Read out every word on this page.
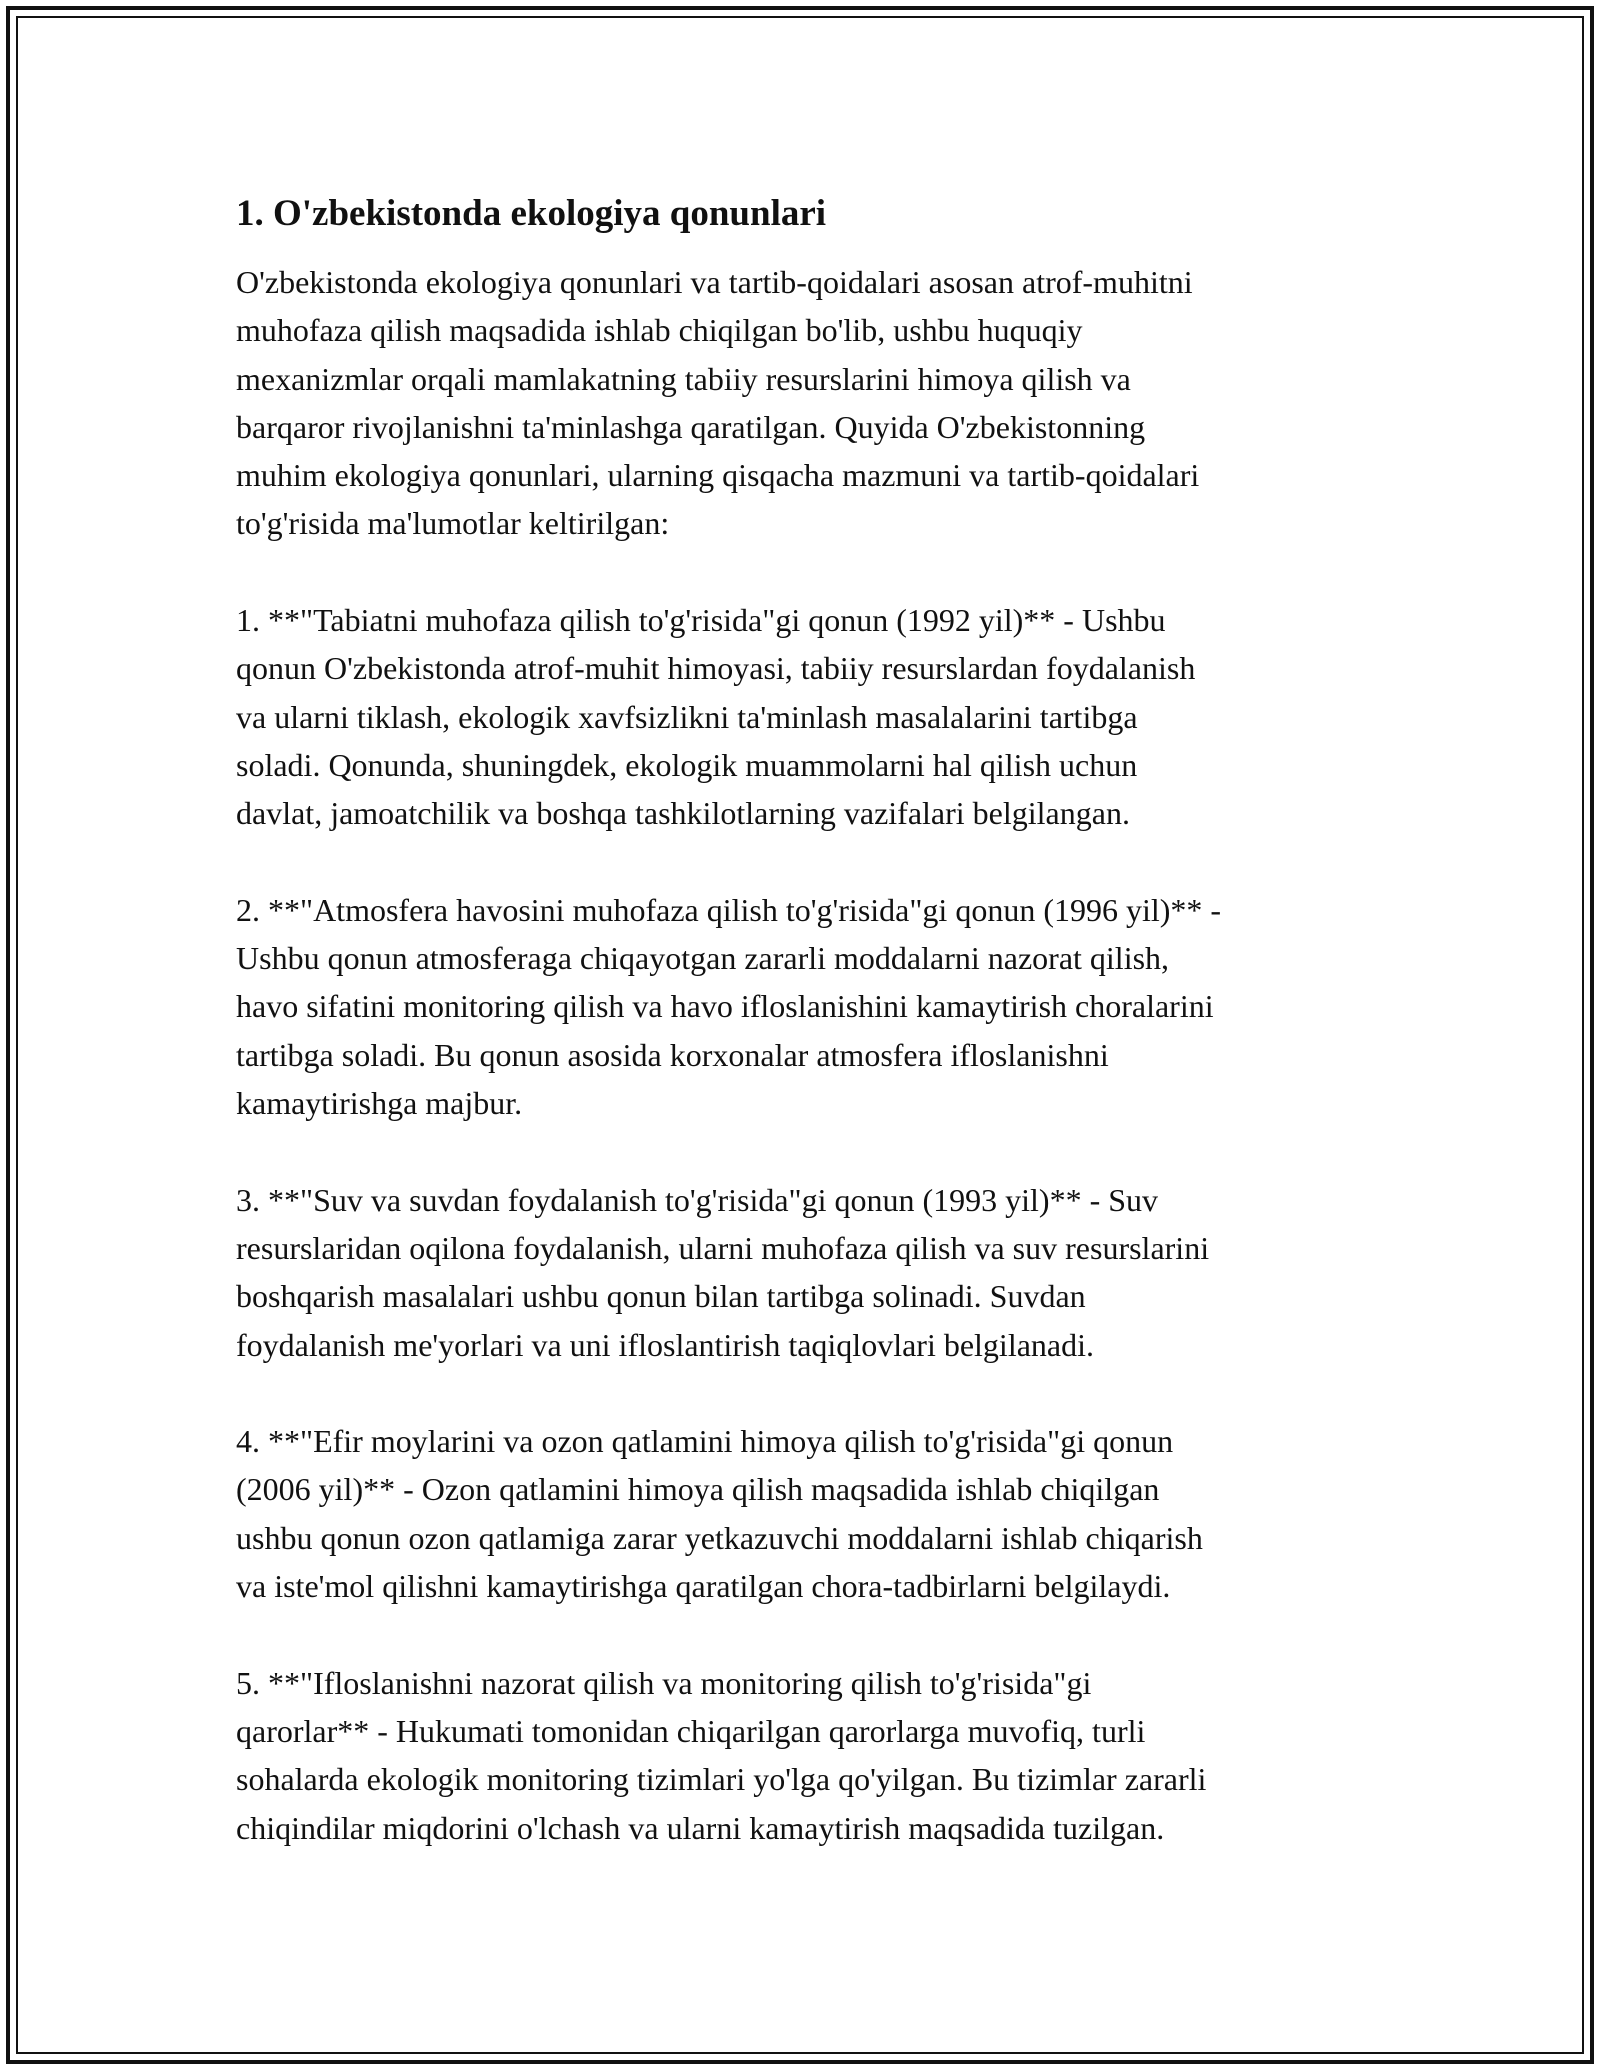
1. O'zbekistonda ekologiya qonunlari

O'zbekistonda ekologiya qonunlari va tartib-qoidalari asosan atrof-muhitni
muhofaza qilish maqsadida ishlab chiqilgan bo'lib, ushbu huquqiy
mexanizmlar orqali mamlakatning tabiiy resurslarini himoya qilish va
barqaror rivojlanishni ta'minlashga qaratilgan. Quyida O'zbekistonning
muhim ekologiya qonunlari, ularning qisqacha mazmuni va tartib-qoidalari
to'g'risida ma'lumotlar keltirilgan:

1. **"Tabiatni muhofaza qilish to'g'risida"gi qonun (1992 yil)** - Ushbu
qonun O'zbekistonda atrof-muhit himoyasi, tabiiy resurslardan foydalanish
va ularni tiklash, ekologik xavfsizlikni ta'minlash masalalarini tartibga
soladi. Qonunda, shuningdek, ekologik muammolarni hal qilish uchun
davlat, jamoatchilik va boshqa tashkilotlarning vazifalari belgilangan.

2. **"Atmosfera havosini muhofaza qilish to'g'risida"gi qonun (1996 yil)** -
Ushbu qonun atmosferaga chiqayotgan zararli moddalarni nazorat qilish,
havo sifatini monitoring qilish va havo ifloslanishini kamaytirish choralarini
tartibga soladi. Bu qonun asosida korxonalar atmosfera ifloslanishni
kamaytirishga majbur.

3. **"Suv va suvdan foydalanish to'g'risida"gi qonun (1993 yil)** - Suv
resurslaridan oqilona foydalanish, ularni muhofaza qilish va suv resurslarini
boshqarish masalalari ushbu qonun bilan tartibga solinadi. Suvdan
foydalanish me'yorlari va uni ifloslantirish taqiqlovlari belgilanadi.

4. **"Efir moylarini va ozon qatlamini himoya qilish to'g'risida"gi qonun
(2006 yil)** - Ozon qatlamini himoya qilish maqsadida ishlab chiqilgan
ushbu qonun ozon qatlamiga zarar yetkazuvchi moddalarni ishlab chiqarish
va iste'mol qilishni kamaytirishga qaratilgan chora-tadbirlarni belgilaydi.

5. **"Ifloslanishni nazorat qilish va monitoring qilish to'g'risida"gi
qarorlar** - Hukumati tomonidan chiqarilgan qarorlarga muvofiq, turli
sohalarda ekologik monitoring tizimlari yo'lga qo'yilgan. Bu tizimlar zararli
chiqindilar miqdorini o'lchash va ularni kamaytirish maqsadida tuzilgan.
